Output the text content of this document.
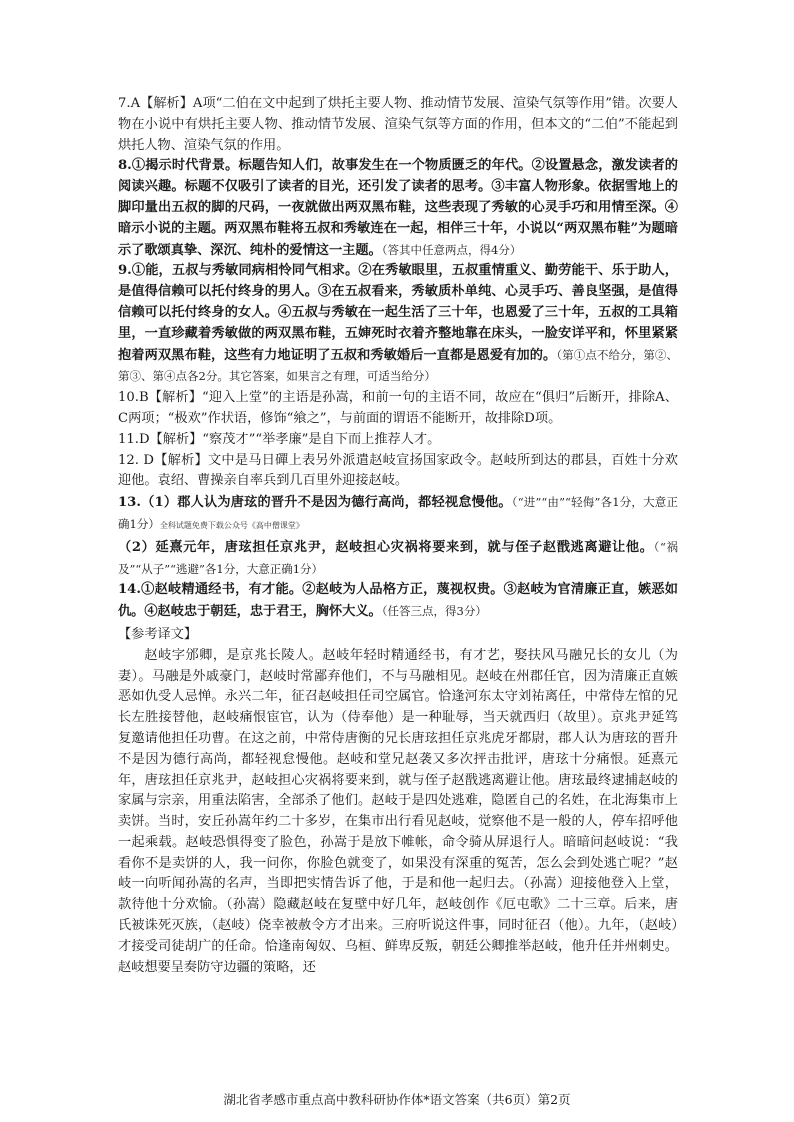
7.A【解析】A项“二伯在文中起到了烘托主要人物、推动情节发展、渲染气氛等作用”错。次要人物在小说中有烘托主要人物、推动情节发展、渲染气氛等方面的作用，但本文的“二伯”不能起到烘托人物、渲染气氛的作用。

8.①揭示时代背景。标题告知人们，故事发生在一个物质匮乏的年代。②设置悬念，激发读者的阅读兴趣。标题不仅吸引了读者的目光，还引发了读者的思考。③丰富人物形象。依据雪地上的脚印量出五叔的脚的尺码，一夜就做出两双黑布鞋，这些表现了秀敏的心灵手巧和用情至深。④暗示小说的主题。两双黑布鞋将五叔和秀敏连在一起，相伴三十年，小说以“两双黑布鞋”为题暗示了歌颂真挚、深沉、纯朴的爱情这一主题。（答其中任意两点，得4分）

9.①能，五叔与秀敏同病相怜同气相求。②在秀敏眼里，五叔重情重义、勤劳能干、乐于助人，是值得信赖可以托付终身的男人。③在五叔看来，秀敏质朴单纯、心灵手巧、善良坚强，是值得信赖可以托付终身的女人。④五叔与秀敏在一起生活了三十年，也恩爱了三十年，五叔的工具箱里，一直珍藏着秀敏做的两双黑布鞋，五婶死时衣着齐整地靠在床头，一脸安详平和，怀里紧紧抱着两双黑布鞋，这些有力地证明了五叔和秀敏婚后一直都是恩爱有加的。（第①点不给分，第②、第③、第④点各2分。其它答案，如果言之有理，可适当给分）

10.B【解析】“迎入上堂”的主语是孙嵩，和前一句的主语不同，故应在“俱归”后断开，排除A、C两项；“极欢”作状语，修饰“飨之”，与前面的谓语不能断开，故排除D项。

11.D【解析】“察茂才”“举孝廉”是自下而上推荐人才。

12. D【解析】文中是马日磾上表另外派遣赵岐宣扬国家政令。赵岐所到达的郡县，百姓十分欢迎他。袁绍、曹操亲自率兵到几百里外迎接赵岐。

13.（1）郡人认为唐玹的晋升不是因为德行高尚，都轻视怠慢他。（“进”“由”“轻侮”各1分，大意正确1分）全科试题免费下载公众号《高中僧课堂》

（2）延熹元年，唐玹担任京兆尹，赵岐担心灾祸将要来到，就与侄子赵戬逃离避让他。（“祸及”“从子”“逃避”各1分，大意正确1分）

14.①赵岐精通经书，有才能。②赵岐为人品格方正，蔑视权贵。③赵岐为官清廉正直，嫉恶如仇。④赵岐忠于朝廷，忠于君王，胸怀大义。（任答三点，得3分）

【参考译文】

赵岐字邠卿，是京兆长陵人。赵岐年轻时精通经书，有才艺，娶扶风马融兄长的女儿（为妻）。马融是外戚豪门，赵岐时常鄙弃他们，不与马融相见。赵岐在州郡任官，因为清廉正直嫉恶如仇受人忌惮。永兴二年，征召赵岐担任司空属官。恰逢河东太守刘祐离任，中常侍左悺的兄长左胜接替他，赵岐痛恨宦官，认为（侍奉他）是一种耻辱，当天就西归（故里）。京兆尹延笃复邀请他担任功曹。在这之前，中常侍唐衡的兄长唐玹担任京兆虎牙都尉，郡人认为唐玹的晋升不是因为德行高尚，都轻视怠慢他。赵岐和堂兄赵袭又多次抨击批评，唐玹十分痛恨。延熹元年，唐玹担任京兆尹，赵岐担心灾祸将要来到，就与侄子赵戬逃离避让他。唐玹最终逮捕赵岐的家属与宗亲，用重法陷害，全部杀了他们。赵岐于是四处逃难，隐匿自己的名姓，在北海集市上卖饼。当时，安丘孙嵩年约二十多岁，在集市出行看见赵岐，觉察他不是一般的人，停车招呼他一起乘载。赵岐恐惧得变了脸色，孙嵩于是放下帷帐，命令骑从屏退行人。暗暗问赵岐说：“我看你不是卖饼的人，我一问你，你脸色就变了，如果没有深重的冤苦，怎么会到处逃亡呢？”赵岐一向听闻孙嵩的名声，当即把实情告诉了他，于是和他一起归去。（孙嵩）迎接他登入上堂，款待他十分欢愉。（孙嵩）隐藏赵岐在复壁中好几年，赵岐创作《厄屯歌》二十三章。后来，唐氏被诛死灭族，（赵岐）侥幸被赦令方才出来。三府听说这件事，同时征召（他）。九年，（赵岐）才接受司徒胡广的任命。恰逢南匈奴、乌桓、鲜卑反叛，朝廷公卿推举赵岐，他升任并州刺史。赵岐想要呈奏防守边疆的策略，还

湖北省孝感市重点高中教科研协作体*语文答案（共6页）第2页
